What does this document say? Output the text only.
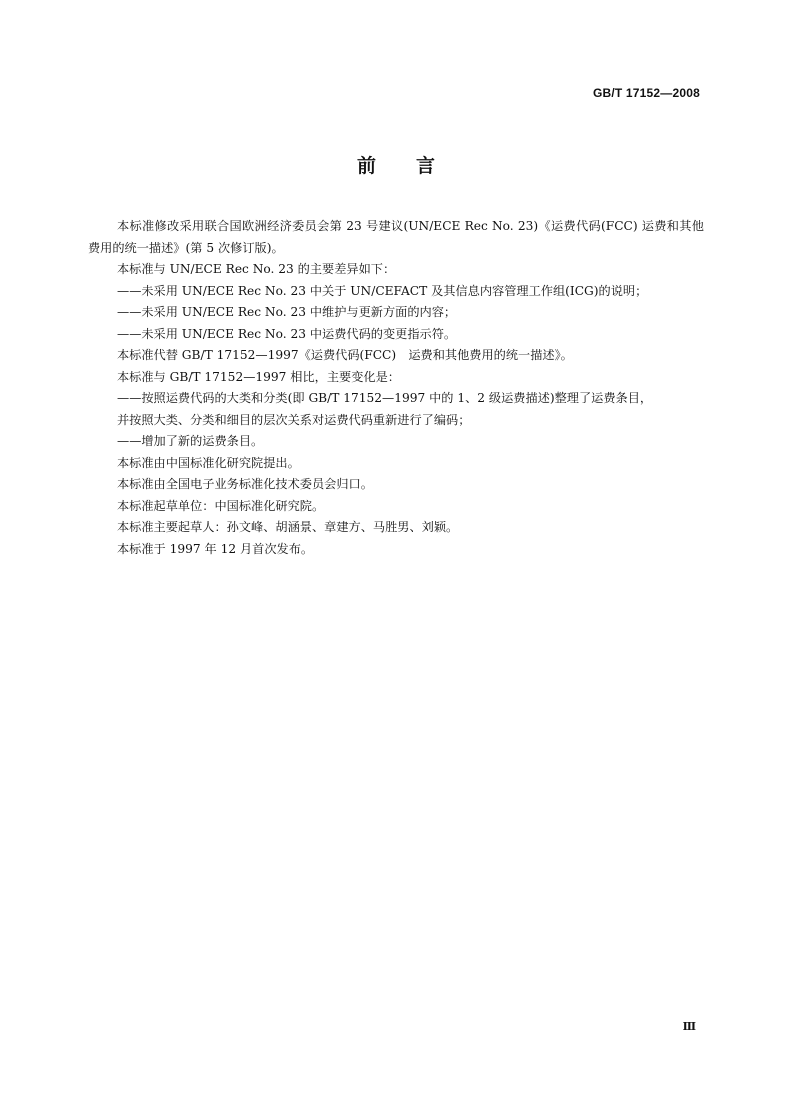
GB/T 17152—2008
前 言

本标准修改采用联合国欧洲经济委员会第 23 号建议(UN/ECE Rec No. 23)《运费代码(FCC) 运费和其他费用的统一描述》(第 5 次修订版)。

本标准与 UN/ECE Rec No. 23 的主要差异如下：

——未采用 UN/ECE Rec No. 23 中关于 UN/CEFACT 及其信息内容管理工作组(ICG)的说明；

——未采用 UN/ECE Rec No. 23 中维护与更新方面的内容；

——未采用 UN/ECE Rec No. 23 中运费代码的变更指示符。

本标准代替 GB/T 17152—1997《运费代码(FCC)　运费和其他费用的统一描述》。

本标准与 GB/T 17152—1997 相比，主要变化是：

——按照运费代码的大类和分类(即 GB/T 17152—1997 中的 1、2 级运费描述)整理了运费条目，

并按照大类、分类和细目的层次关系对运费代码重新进行了编码；

——增加了新的运费条目。

本标准由中国标准化研究院提出。

本标准由全国电子业务标准化技术委员会归口。

本标准起草单位：中国标准化研究院。

本标准主要起草人：孙文峰、胡涵景、章建方、马胜男、刘颖。

本标准于 1997 年 12 月首次发布。

Ⅲ
